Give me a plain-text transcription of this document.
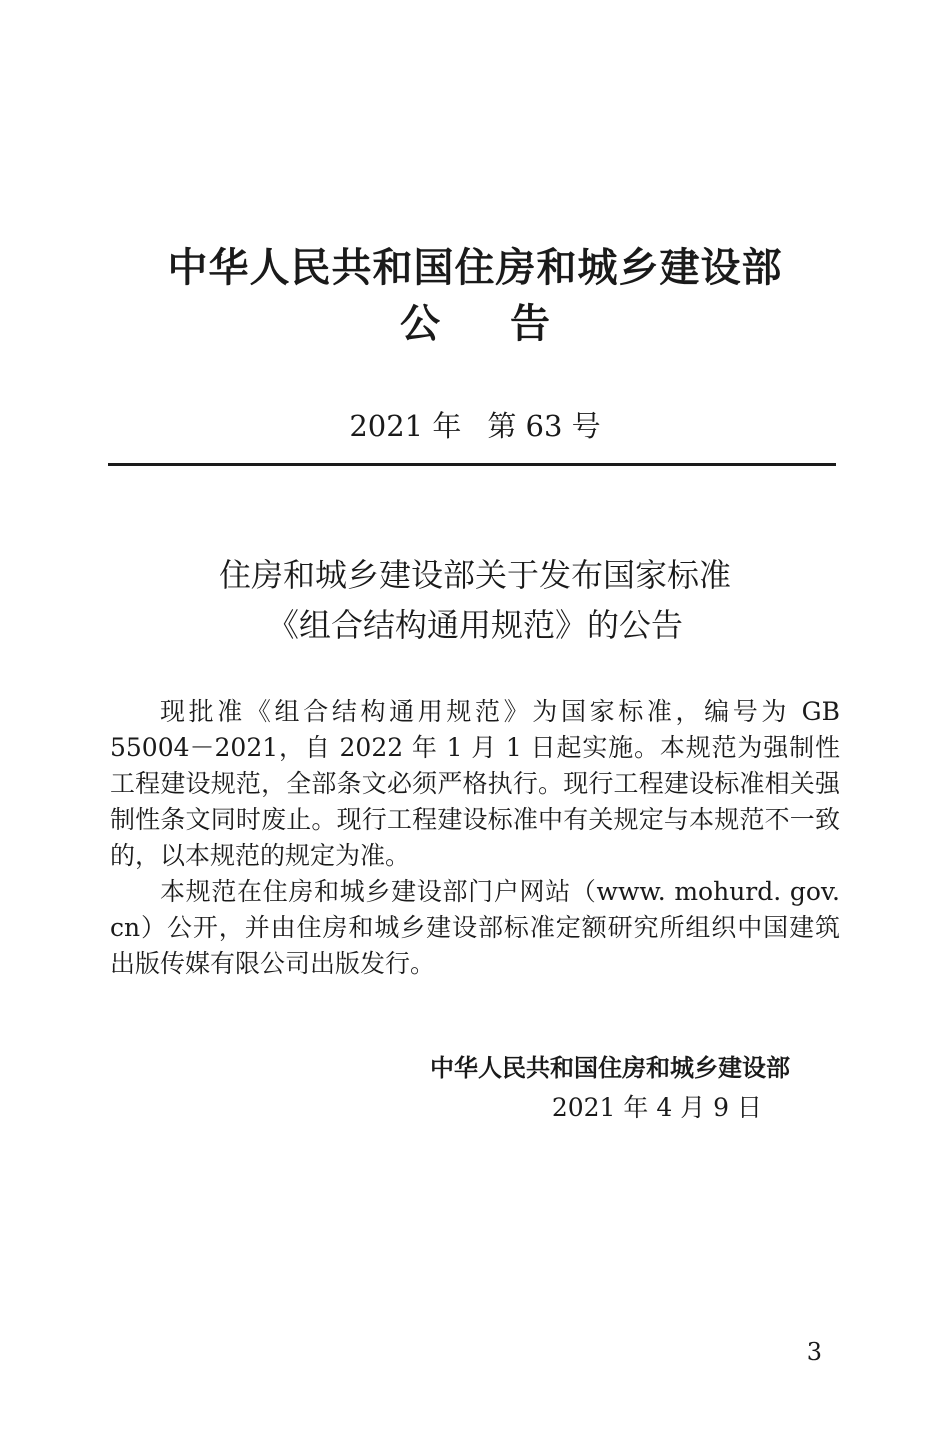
中华人民共和国住房和城乡建设部
公告
2021 年 第 63 号
住房和城乡建设部关于发布国家标准
《组合结构通用规范》的公告

现批准《组合结构通用规范》为国家标准，编号为 GB 55004－2021，自 2022 年 1 月 1 日起实施。本规范为强制性工程建设规范，全部条文必须严格执行。现行工程建设标准相关强制性条文同时废止。现行工程建设标准中有关规定与本规范不一致的，以本规范的规定为准。

本规范在住房和城乡建设部门户网站（www. mohurd. gov. cn）公开，并由住房和城乡建设部标准定额研究所组织中国建筑出版传媒有限公司出版发行。

中华人民共和国住房和城乡建设部
2021 年 4 月 9 日
3
